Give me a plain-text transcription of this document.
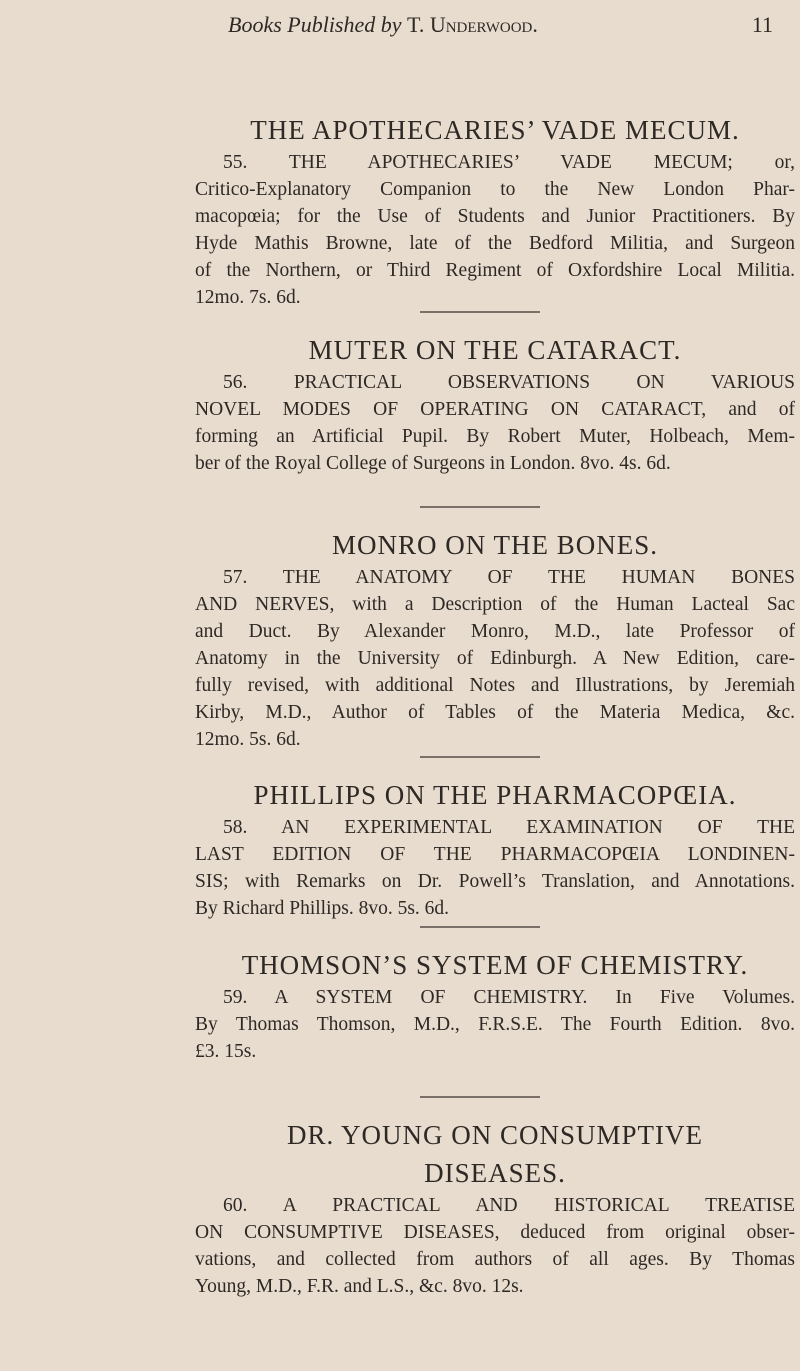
Books Published by T. Underwood.	11
THE APOTHECARIES’ VADE MECUM.
55. THE APOTHECARIES’ VADE MECUM; or,
Critico-Explanatory Companion to the New London Phar-
macopœia; for the Use of Students and Junior Practitioners. By
Hyde Mathis Browne, late of the Bedford Militia, and Surgeon
of the Northern, or Third Regiment of Oxfordshire Local Militia.
12mo. 7s. 6d.
MUTER ON THE CATARACT.
56. PRACTICAL OBSERVATIONS ON VARIOUS
NOVEL MODES OF OPERATING ON CATARACT, and of
forming an Artificial Pupil. By Robert Muter, Holbeach, Mem-
ber of the Royal College of Surgeons in London. 8vo. 4s. 6d.
MONRO ON THE BONES.
57. THE ANATOMY OF THE HUMAN BONES
AND NERVES, with a Description of the Human Lacteal Sac
and Duct. By Alexander Monro, M.D., late Professor of
Anatomy in the University of Edinburgh. A New Edition, care-
fully revised, with additional Notes and Illustrations, by Jeremiah
Kirby, M.D., Author of Tables of the Materia Medica, &c.
12mo. 5s. 6d.
PHILLIPS ON THE PHARMACOPŒIA.
58. AN EXPERIMENTAL EXAMINATION OF THE
LAST EDITION OF THE PHARMACOPŒIA LONDINEN-
SIS; with Remarks on Dr. Powell’s Translation, and Annotations.
By Richard Phillips. 8vo. 5s. 6d.
THOMSON’S SYSTEM OF CHEMISTRY.
59. A SYSTEM OF CHEMISTRY. In Five Volumes.
By Thomas Thomson, M.D., F.R.S.E. The Fourth Edition. 8vo.
£3. 15s.
DR. YOUNG ON CONSUMPTIVE
DISEASES.
60. A PRACTICAL AND HISTORICAL TREATISE
ON CONSUMPTIVE DISEASES, deduced from original obser-
vations, and collected from authors of all ages. By Thomas
Young, M.D., F.R. and L.S., &c. 8vo. 12s.
